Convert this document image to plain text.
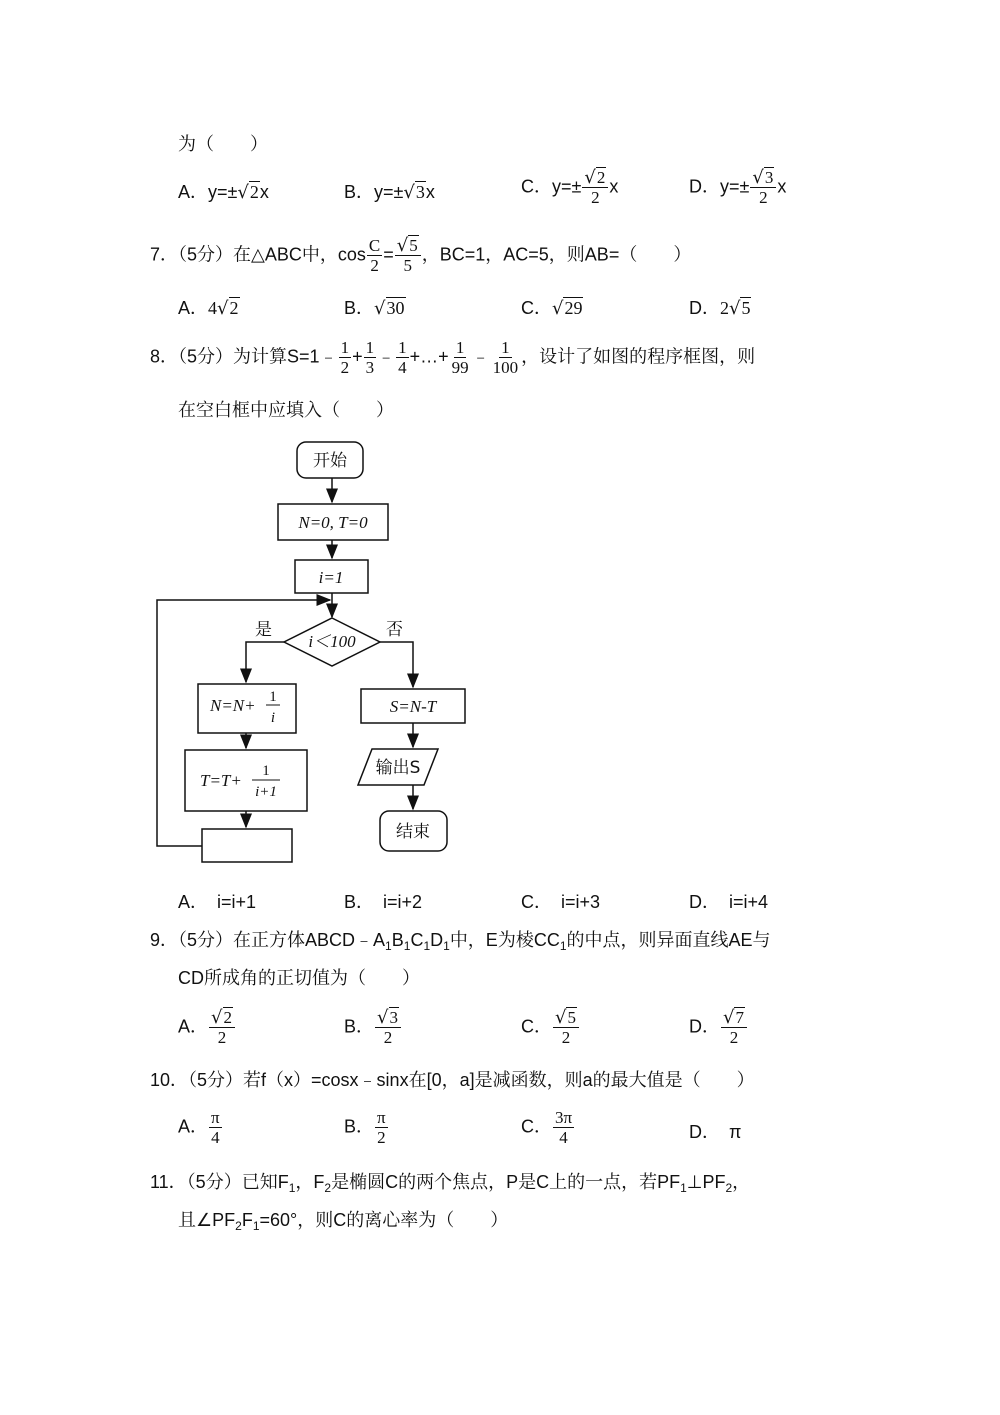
为（　　）
A．y=±√2x	B．y=±√3x	C．$y=\pm \frac{√2}{2}$ x	D．$y=\pm \frac{√3}{2}$ x
7．（5分）在△ABC中，$\cos \frac{C}{2} = \frac{√5}{5}$ ，BC=1，AC=5，则AB=（　　）
A．4√2	B．√30	C．√29	D．2√5
8．（5分）为计算S=1﹣ $\frac{1}{2} + \frac{1}{3}$ ﹣ $\frac{1}{4}$ +…+ $\frac{1}{99}$ ﹣ $\frac{1}{100}$ ，设计了如图的程序框图，则
在空白框中应填入（　　）
开始
N=0, T=0
i=1
i＜100
是	否
N=N+ 1
i
T=T+ 1
i+1
S=N-T
输出S
结束
A．　i=i+1	B．　i=i+2	C．　i=i+3	D．　i=i+4
9．（5分）在正方体$ABCD﹣A_1B_1C_1D_1$中，E为棱$CC_1$的中点，则异面直线AE与
CD所成角的正切值为（　　）
A． $\frac{√2}{2}$	B． $\frac{√3}{2}$	C． $\frac{√5}{2}$	D． $\frac{√7}{2}$
10．（5分）若f（x）=cosx﹣sinx在[0，a]是减函数，则a的最大值是（　　）
A． $\frac{\pi}{4}$	B． $\frac{\pi}{2}$	C． $\frac{3\pi}{4}$	D．　π
11．（5分）已知$F_1$，$F_2$是椭圆C的两个焦点，P是C上的一点，若$PF_1\perp PF_2$，
且$\angle PF_2F_1=60^\circ$，则C的离心率为（　　）
